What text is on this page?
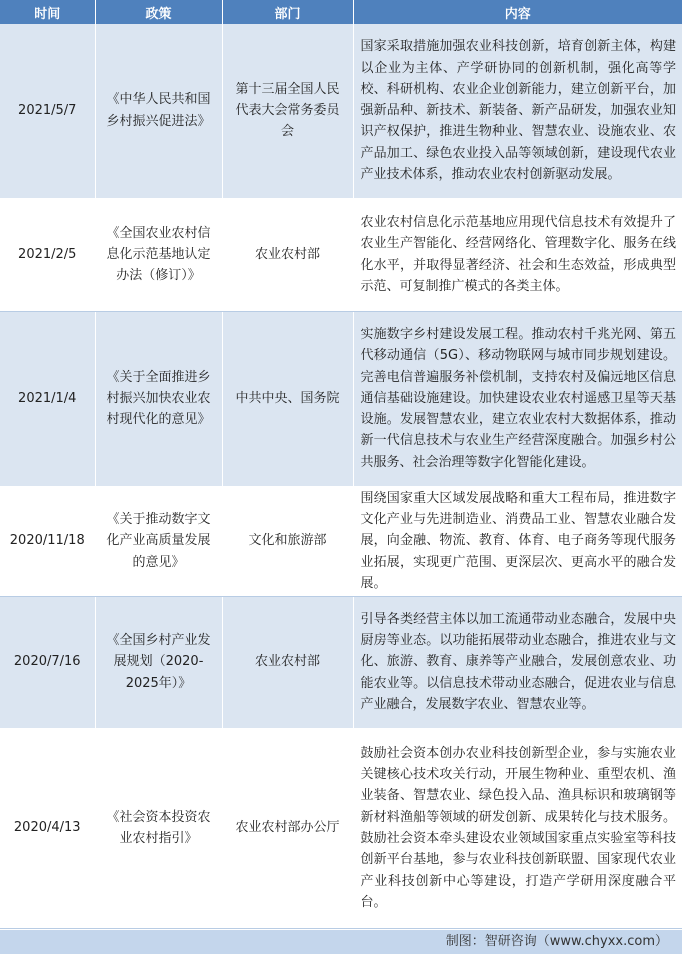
时间	政策	部门	内容
2021/5/7	《中华人民共和国乡村振兴促进法》	第十三届全国人民代表大会常务委员会	国家采取措施加强农业科技创新，培育创新主体，构建以企业为主体、产学研协同的创新机制，强化高等学校、科研机构、农业企业创新能力，建立创新平台，加强新品种、新技术、新装备、新产品研发，加强农业知识产权保护，推进生物种业、智慧农业、设施农业、农产品加工、绿色农业投入品等领域创新，建设现代农业产业技术体系，推动农业农村创新驱动发展。
2021/2/5	《全国农业农村信息化示范基地认定办法（修订）》	农业农村部	农业农村信息化示范基地应用现代信息技术有效提升了农业生产智能化、经营网络化、管理数字化、服务在线化水平，并取得显著经济、社会和生态效益，形成典型示范、可复制推广模式的各类主体。
2021/1/4	《关于全面推进乡村振兴加快农业农村现代化的意见》	中共中央、国务院	实施数字乡村建设发展工程。推动农村千兆光网、第五代移动通信（5G）、移动物联网与城市同步规划建设。完善电信普遍服务补偿机制，支持农村及偏远地区信息通信基础设施建设。加快建设农业农村遥感卫星等天基设施。发展智慧农业，建立农业农村大数据体系，推动新一代信息技术与农业生产经营深度融合。加强乡村公共服务、社会治理等数字化智能化建设。
2020/11/18	《关于推动数字文化产业高质量发展的意见》	文化和旅游部	围绕国家重大区域发展战略和重大工程布局，推进数字文化产业与先进制造业、消费品工业、智慧农业融合发展，向金融、物流、教育、体育、电子商务等现代服务业拓展，实现更广范围、更深层次、更高水平的融合发展。
2020/7/16	《全国乡村产业发展规划（2020-2025年）》	农业农村部	引导各类经营主体以加工流通带动业态融合，发展中央厨房等业态。以功能拓展带动业态融合，推进农业与文化、旅游、教育、康养等产业融合，发展创意农业、功能农业等。以信息技术带动业态融合，促进农业与信息产业融合，发展数字农业、智慧农业等。
2020/4/13	《社会资本投资农业农村指引》	农业农村部办公厅	鼓励社会资本创办农业科技创新型企业，参与实施农业关键核心技术攻关行动，开展生物种业、重型农机、渔业装备、智慧农业、绿色投入品、渔具标识和玻璃钢等新材料渔船等领域的研发创新、成果转化与技术服务。鼓励社会资本牵头建设农业领域国家重点实验室等科技创新平台基地，参与农业科技创新联盟、国家现代农业产业科技创新中心等建设，打造产学研用深度融合平台。
制图：智研咨询（www.chyxx.com）
